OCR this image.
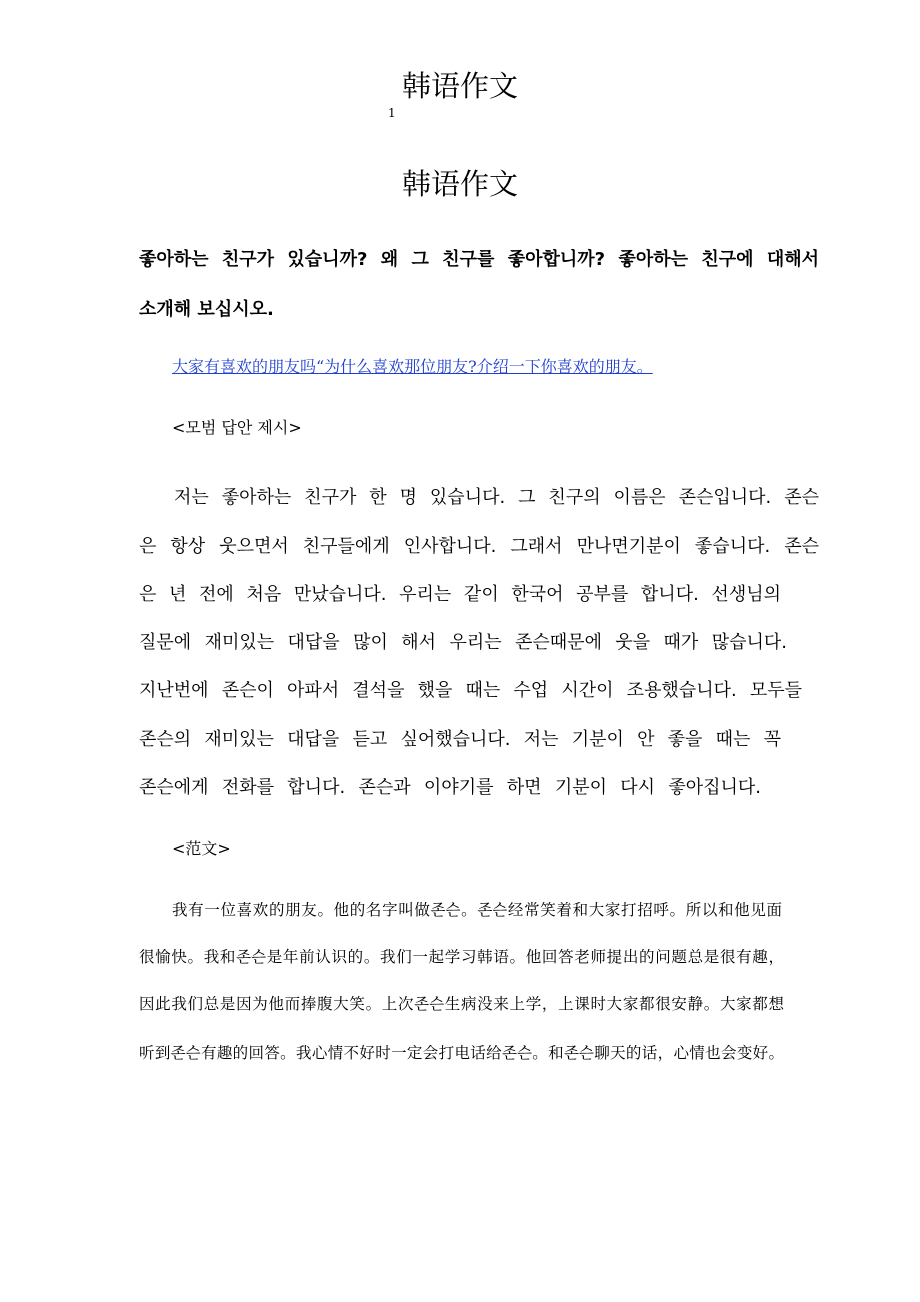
韩语作文
1
韩语作文
좋아하는 친구가 있습니까? 왜 그 친구를 좋아합니까? 좋아하는 친구에 대해서
소개해 보십시오.
大家有喜欢的朋友吗“为什么喜欢那位朋友?介绍一下你喜欢的朋友。
<모범 답안 제시>
저는 좋아하는 친구가 한 명 있습니다. 그 친구의 이름은 존슨입니다. 존슨
은 항상 웃으면서 친구들에게 인사합니다. 그래서 만나면기분이 좋습니다. 존슨
은 년 전에 처음 만났습니다. 우리는 같이 한국어 공부를 합니다. 선생님의
질문에 재미있는 대답을 많이 해서 우리는 존슨때문에 웃을 때가 많습니다.
지난번에 존슨이 아파서 결석을 했을 때는 수업 시간이 조용했습니다. 모두들
존슨의 재미있는 대답을 듣고 싶어했습니다. 저는 기분이 안 좋을 때는 꼭
존슨에게 전화를 합니다. 존슨과 이야기를 하면 기분이 다시 좋아집니다.
<范文>
我有一位喜欢的朋友。他的名字叫做존슨。존슨经常笑着和大家打招呼。所以和他见面
很愉快。我和존슨是年前认识的。我们一起学习韩语。他回答老师提出的问题总是很有趣，
因此我们总是因为他而捧腹大笑。上次존슨生病没来上学，上课时大家都很安静。大家都想
听到존슨有趣的回答。我心情不好时一定会打电话给존슨。和존슨聊天的话，心情也会变好。
